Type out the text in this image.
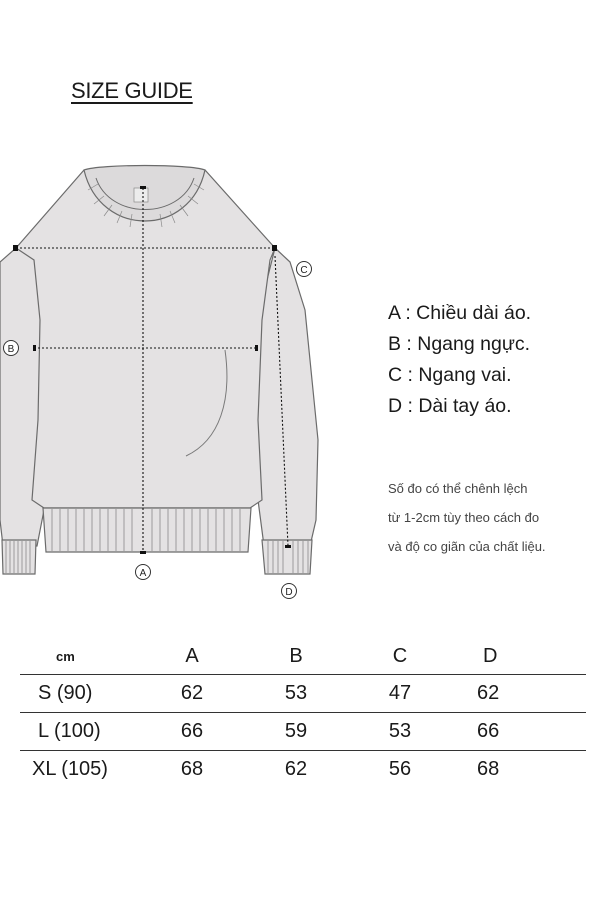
SIZE GUIDE
A
B
C
D
A : Chiều dài áo.
B : Ngang ngực.
C : Ngang vai.
D : Dài tay áo.
Số đo có thể chênh lệch
từ 1-2cm tùy theo cách đo
và độ co giãn của chất liệu.
cm	A	B	C	D
S (90)	62	53	47	62
L (100)	66	59	53	66
XL (105)	68	62	56	68
